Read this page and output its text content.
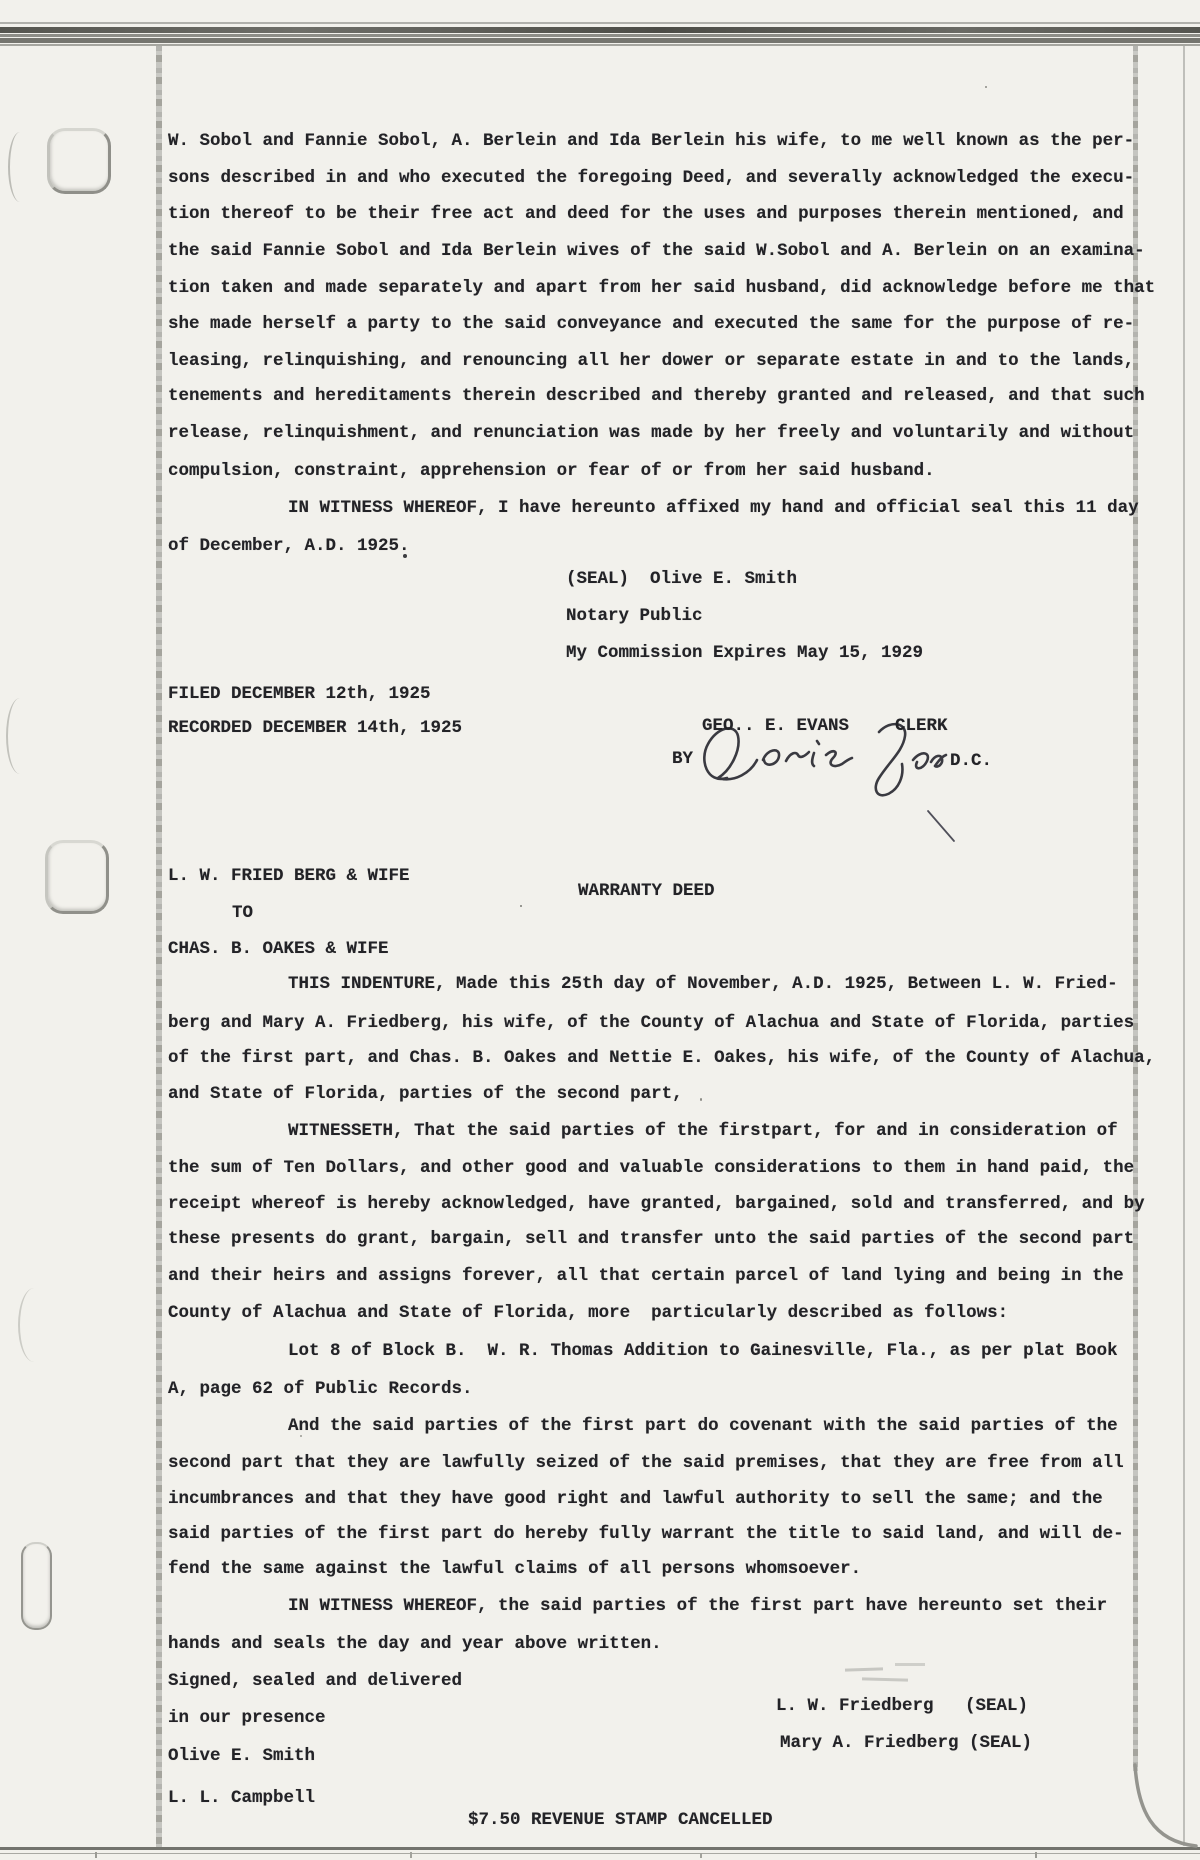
W. Sobol and Fannie Sobol, A. Berlein and Ida Berlein his wife, to me well known as the per-
sons described in and who executed the foregoing Deed, and severally acknowledged the execu-
tion thereof to be their free act and deed for the uses and purposes therein mentioned, and
the said Fannie Sobol and Ida Berlein wives of the said W.Sobol and A. Berlein on an examina-
tion taken and made separately and apart from her said husband, did acknowledge before me that
she made herself a party to the said conveyance and executed the same for the purpose of re-
leasing, relinquishing, and renouncing all her dower or separate estate in and to the lands,
tenements and hereditaments therein described and thereby granted and released, and that such
release, relinquishment, and renunciation was made by her freely and voluntarily and without
compulsion, constraint, apprehension or fear of or from her said husband.
IN WITNESS WHEREOF, I have hereunto affixed my hand and official seal this 11 day
of December, A.D. 1925.
(SEAL)  Olive E. Smith
Notary Public
My Commission Expires May 15, 1929
FILED DECEMBER 12th, 1925
RECORDED DECEMBER 14th, 1925	GEO.. E. EVANS	CLERK
BY	D.C.
L. W. FRIED BERG & WIFE
WARRANTY DEED
TO
CHAS. B. OAKES & WIFE
THIS INDENTURE, Made this 25th day of November, A.D. 1925, Between L. W. Fried-
berg and Mary A. Friedberg, his wife, of the County of Alachua and State of Florida, parties
of the first part, and Chas. B. Oakes and Nettie E. Oakes, his wife, of the County of Alachua,
and State of Florida, parties of the second part,
WITNESSETH, That the said parties of the firstpart, for and in consideration of
the sum of Ten Dollars, and other good and valuable considerations to them in hand paid, the
receipt whereof is hereby acknowledged, have granted, bargained, sold and transferred, and by
these presents do grant, bargain, sell and transfer unto the said parties of the second part
and their heirs and assigns forever, all that certain parcel of land lying and being in the
County of Alachua and State of Florida, more  particularly described as follows:
Lot 8 of Block B.  W. R. Thomas Addition to Gainesville, Fla., as per plat Book
A, page 62 of Public Records.
And the said parties of the first part do covenant with the said parties of the
second part that they are lawfully seized of the said premises, that they are free from all
incumbrances and that they have good right and lawful authority to sell the same; and the
said parties of the first part do hereby fully warrant the title to said land, and will de-
fend the same against the lawful claims of all persons whomsoever.
IN WITNESS WHEREOF, the said parties of the first part have hereunto set their
hands and seals the day and year above written.
Signed, sealed and delivered
L. W. Friedberg   (SEAL)
in our presence
Mary A. Friedberg (SEAL)
Olive E. Smith
L. L. Campbell
$7.50 REVENUE STAMP CANCELLED
